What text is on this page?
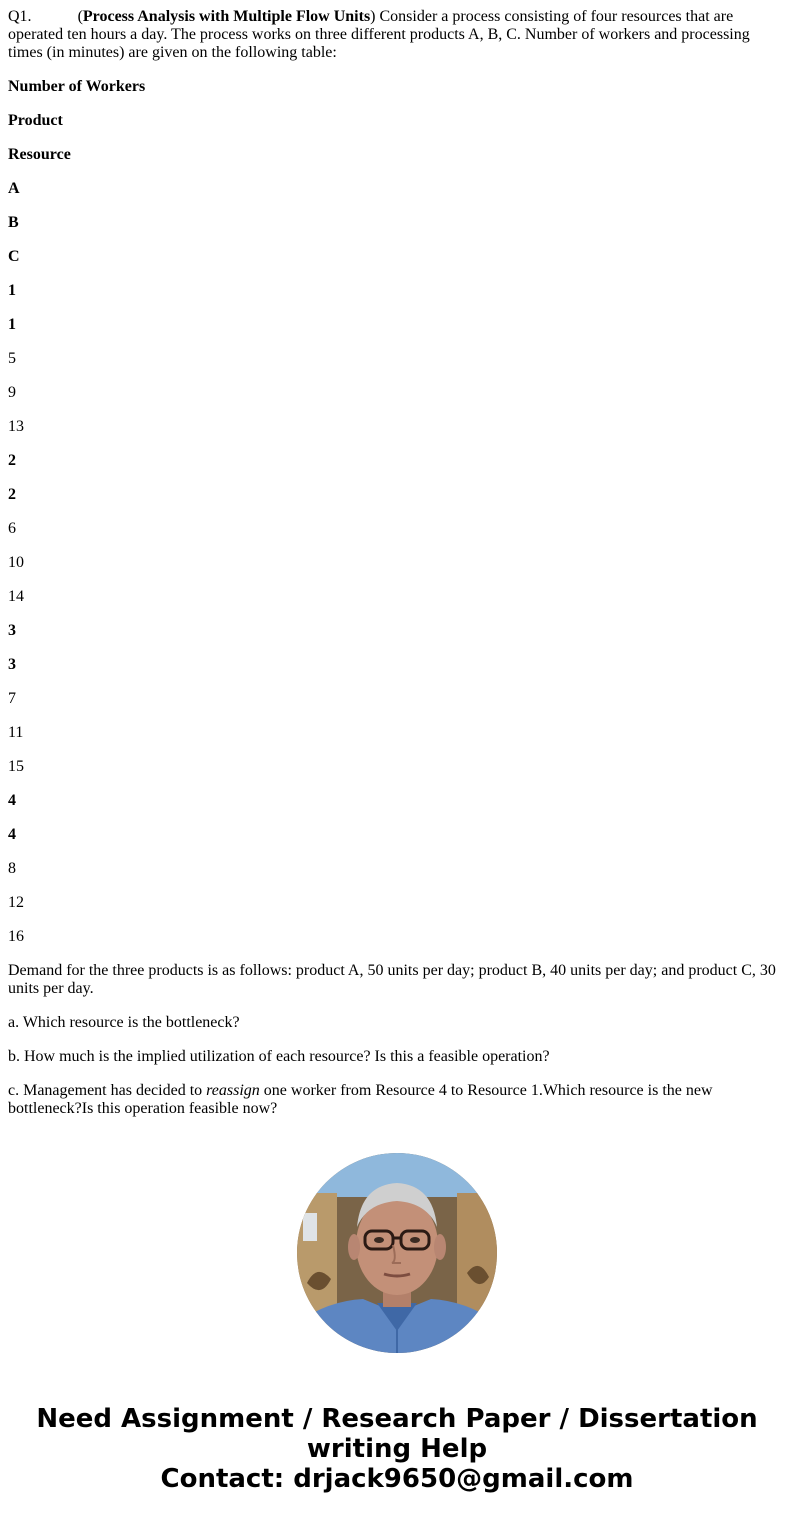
Q1.	(Process Analysis with Multiple Flow Units) Consider a process consisting of four resources that are operated ten hours a day. The process works on three different products A, B, C. Number of workers and processing times (in minutes) are given on the following table:

Number of Workers
Product
Resource
A
B
C
1
1
5
9
13
2
2
6
10
14
3
3
7
11
15
4
4
8
12
16

Demand for the three products is as follows: product A, 50 units per day; product B, 40 units per day; and product C, 30 units per day.

a. Which resource is the bottleneck?

b. How much is the implied utilization of each resource? Is this a feasible operation?

c. Management has decided to reassign one worker from Resource 4 to Resource 1.Which resource is the new bottleneck?Is this operation feasible now?

Need Assignment / Research Paper / Dissertation
writing Help
Contact: drjack9650@gmail.com
